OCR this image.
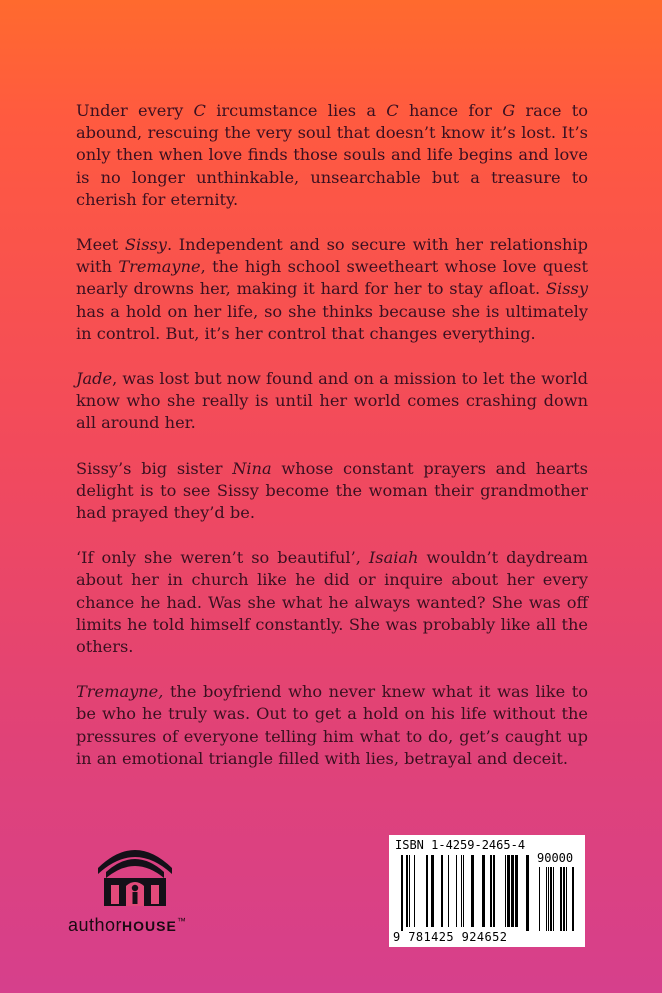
Under every C ircumstance lies a C hance for G race to abound, rescuing the very soul that doesn’t know it’s lost. It’s only then when love finds those souls and life begins and love is no longer unthinkable, unsearchable but a treasure to cherish for eternity.

Meet Sissy. Independent and so secure with her relationship with Tremayne, the high school sweetheart whose love quest nearly drowns her, making it hard for her to stay afloat. Sissy has a hold on her life, so she thinks because she is ultimately in control. But, it’s her control that changes everything.

Jade, was lost but now found and on a mission to let the world know who she really is until her world comes crashing down all around her.

Sissy’s big sister Nina whose constant prayers and hearts delight is to see Sissy become the woman their grandmother had prayed they’d be.

‘If only she weren’t so beautiful’, Isaiah wouldn’t daydream about her in church like he did or inquire about her every chance he had. Was she what he always wanted? She was off limits he told himself constantly. She was probably like all the others.

Tremayne, the boyfriend who never knew what it was like to be who he truly was. Out to get a hold on his life without the pressures of everyone telling him what to do, get’s caught up in an emotional triangle filled with lies, betrayal and deceit.

authorHOUSE™
ISBN 1-4259-2465-4
90000
9 781425 924652
